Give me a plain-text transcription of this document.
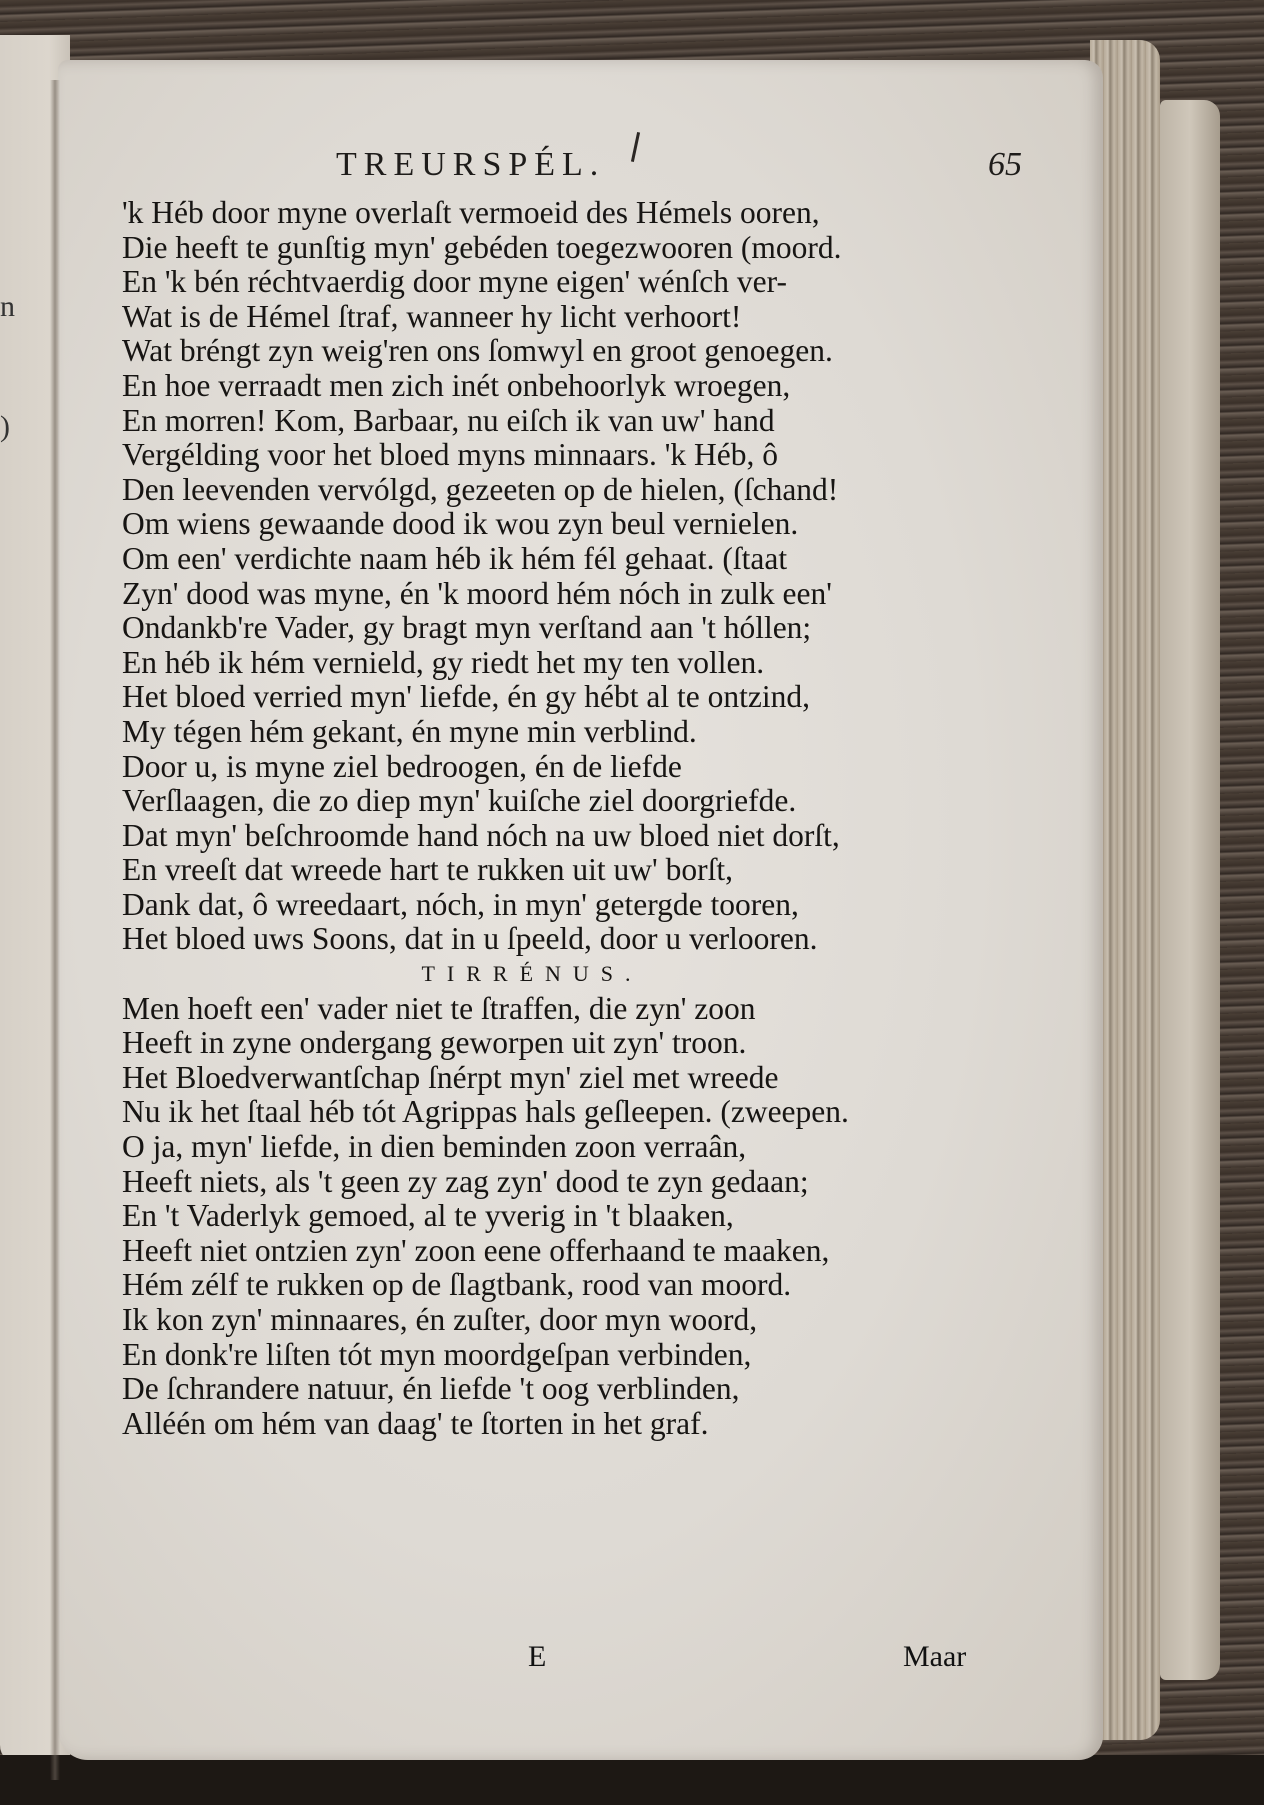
n
)
TREURSPÉL.	65
'k Héb door myne overlaſt vermoeid des Hémels ooren,
Die heeft te gunſtig myn' gebéden toegezwooren (moord.
En 'k bén réchtvaerdig door myne eigen' wénſch ver-
Wat is de Hémel ſtraf, wanneer hy licht verhoort!
Wat bréngt zyn weig'ren ons ſomwyl en groot genoegen.
En hoe verraadt men zich inét onbehoorlyk wroegen,
En morren! Kom, Barbaar, nu eiſch ik van uw' hand
Vergélding voor het bloed myns minnaars. 'k Héb, ô
Den leevenden vervólgd, gezeeten op de hielen, (ſchand!
Om wiens gewaande dood ik wou zyn beul vernielen.
Om een' verdichte naam héb ik hém fél gehaat. (ſtaat
Zyn' dood was myne, én 'k moord hém nóch in zulk een'
Ondankb're Vader, gy bragt myn verſtand aan 't hóllen;
En héb ik hém vernield, gy riedt het my ten vollen.
Het bloed verried myn' liefde, én gy hébt al te ontzind,
My tégen hém gekant, én myne min verblind.
Door u, is myne ziel bedroogen, én de liefde
Verſlaagen, die zo diep myn' kuiſche ziel doorgriefde.
Dat myn' beſchroomde hand nóch na uw bloed niet dorſt,
En vreeſt dat wreede hart te rukken uit uw' borſt,
Dank dat, ô wreedaart, nóch, in myn' getergde tooren,
Het bloed uws Soons, dat in u ſpeeld, door u verlooren.
TIRRÉNUS.
Men hoeft een' vader niet te ſtraffen, die zyn' zoon
Heeft in zyne ondergang geworpen uit zyn' troon.
Het Bloedverwantſchap ſnérpt myn' ziel met wreede
Nu ik het ſtaal héb tót Agrippas hals geſleepen. (zweepen.
O ja, myn' liefde, in dien beminden zoon verraân,
Heeft niets, als 't geen zy zag zyn' dood te zyn gedaan;
En 't Vaderlyk gemoed, al te yverig in 't blaaken,
Heeft niet ontzien zyn' zoon eene offerhaand te maaken,
Hém zélf te rukken op de ſlagtbank, rood van moord.
Ik kon zyn' minnaares, én zuſter, door myn woord,
En donk're liſten tót myn moordgeſpan verbinden,
De ſchrandere natuur, én liefde 't oog verblinden,
Alléén om hém van daag' te ſtorten in het graf.
E	Maar
